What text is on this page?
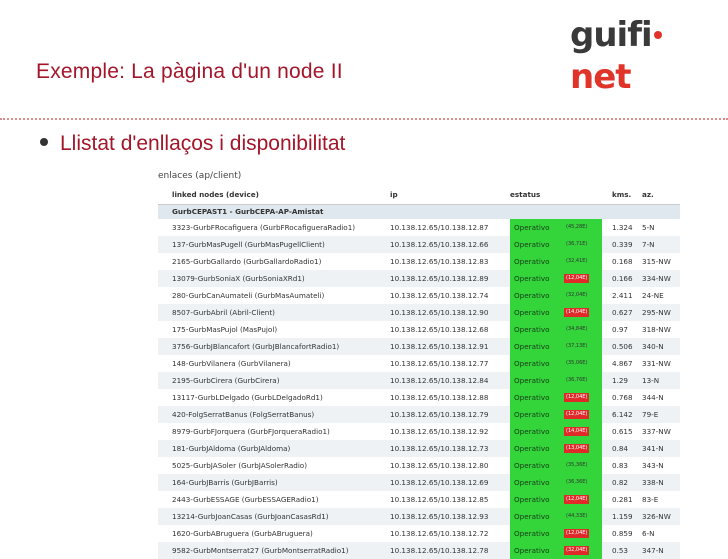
guifinet
Exemple: La pàgina d'un node II
Llistat d'enllaços i disponibilitat
enlaces (ap/client)
linked nodes (device)	ip	estatus	kms. az.
GurbCEPAST1 - GurbCEPA-AP-Amistat
3323-GurbFRocafiguera (GurbFRocafigueraRadio1)	10.138.12.65/10.138.12.87	Operativo	(45,28E)	1.324 5-N
137-GurbMasPugell (GurbMasPugellClient)	10.138.12.65/10.138.12.66	Operativo	(36,71E)	0.339 7-N
2165-GurbGallardo (GurbGallardoRadio1)	10.138.12.65/10.138.12.83	Operativo	(32,41E)	0.168 315-NW
13079-GurbSoniaX (GurbSoniaXRd1)	10.138.12.65/10.138.12.89	Operativo	(12,04E)	0.166 334-NW
280-GurbCanAumateli (GurbMasAumateli)	10.138.12.65/10.138.12.74	Operativo	(32,04E)	2.411 24-NE
8507-GurbAbril (Abril-Client)	10.138.12.65/10.138.12.90	Operativo	(14,04E)	0.627 295-NW
175-GurbMasPujol (MasPujol)	10.138.12.65/10.138.12.68	Operativo	(34,84E)	0.97 318-NW
3756-GurbJBlancafort (GurbJBlancafortRadio1)	10.138.12.65/10.138.12.91	Operativo	(37,13E)	0.506 340-N
148-GurbVilanera (GurbVilanera)	10.138.12.65/10.138.12.77	Operativo	(35,06E)	4.867 331-NW
2195-GurbCirera (GurbCirera)	10.138.12.65/10.138.12.84	Operativo	(36,76E)	1.29 13-N
13117-GurbLDelgado (GurbLDelgadoRd1)	10.138.12.65/10.138.12.88	Operativo	(12,04E)	0.768 344-N
420-FolgSerratBanus (FolgSerratBanus)	10.138.12.65/10.138.12.79	Operativo	(12,04E)	6.142 79-E
8979-GurbFJorquera (GurbFJorqueraRadio1)	10.138.12.65/10.138.12.92	Operativo	(14,04E)	0.615 337-NW
181-GurbJAldoma (GurbJAldoma)	10.138.12.65/10.138.12.73	Operativo	(13,04E)	0.84 341-N
5025-GurbJASoler (GurbJASolerRadio)	10.138.12.65/10.138.12.80	Operativo	(35,36E)	0.83 343-N
164-GurbJBarris (GurbJBarris)	10.138.12.65/10.138.12.69	Operativo	(36,36E)	0.82 338-N
2443-GurbESSAGE (GurbESSAGERadio1)	10.138.12.65/10.138.12.85	Operativo	(12,04E)	0.281 83-E
13214-GurbJoanCasas (GurbJoanCasasRd1)	10.138.12.65/10.138.12.93	Operativo	(44,33E)	1.159 326-NW
1620-GurbABruguera (GurbABruguera)	10.138.12.65/10.138.12.72	Operativo	(12,04E)	0.859 6-N
9582-GurbMontserrat27 (GurbMontserratRadio1)	10.138.12.65/10.138.12.78	Operativo	(32,04E)	0.53 347-N
